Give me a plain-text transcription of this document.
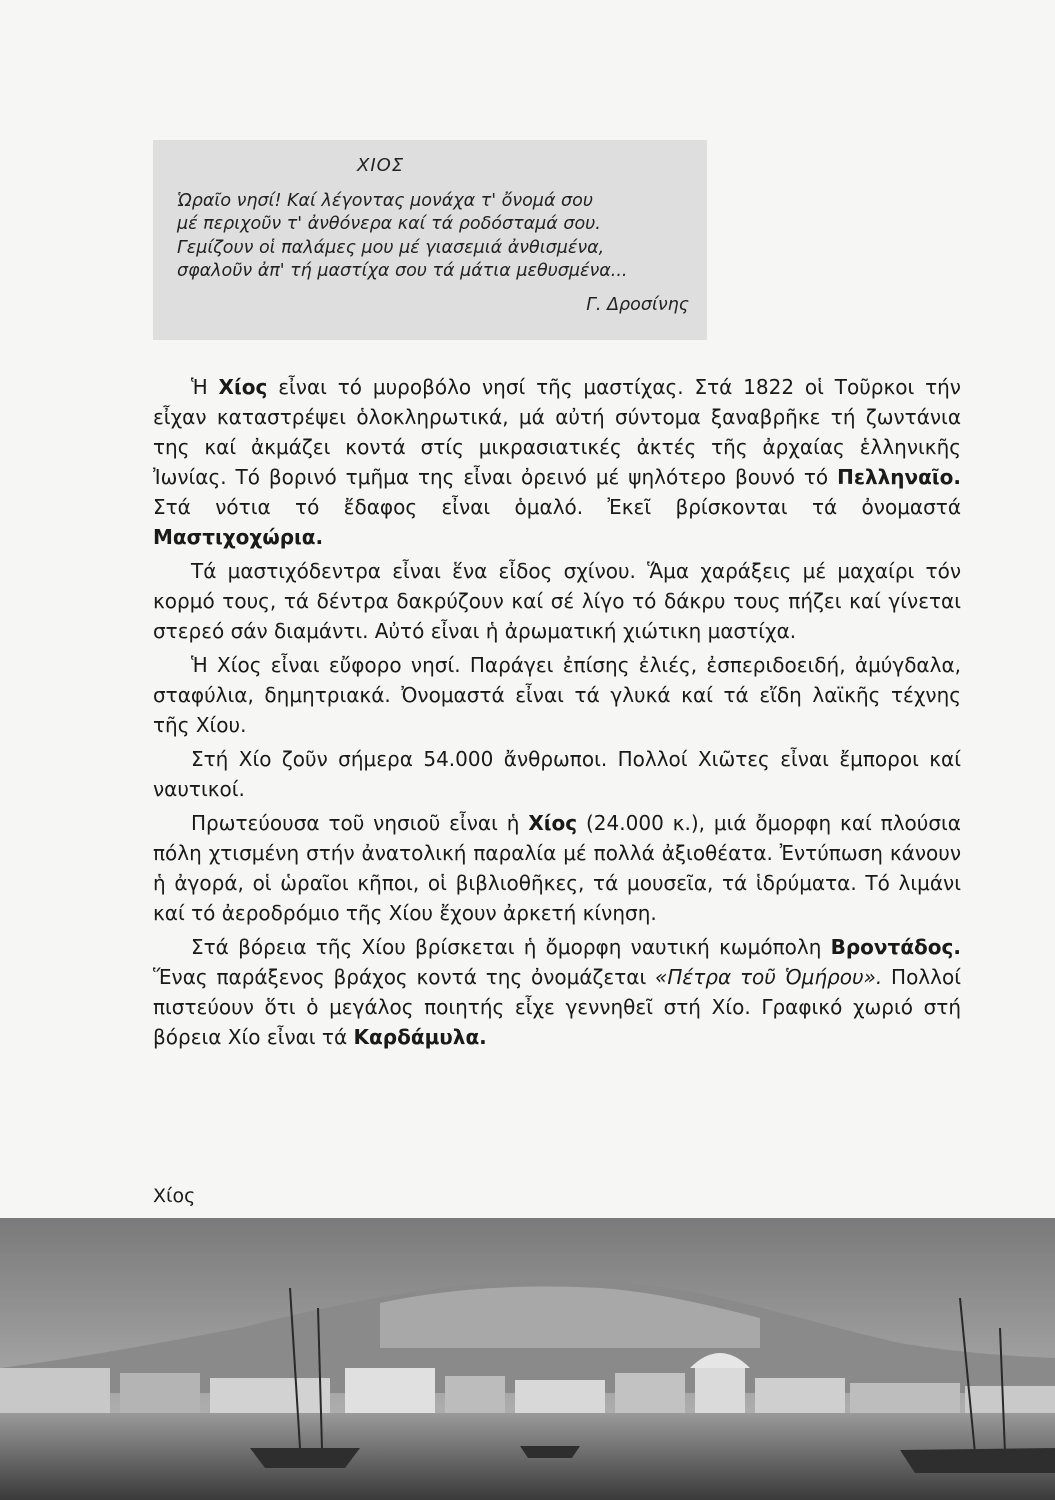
ΧΙΟΣ
Ὡραῖο νησί! Καί λέγοντας μονάχα τ' ὄνομά σου
μέ περιχοῦν τ' ἀνθόνερα καί τά ροδόσταμά σου.
Γεμίζουν οἱ παλάμες μου μέ γιασεμιά ἀνθισμένα,
σφαλοῦν ἀπ' τή μαστίχα σου τά μάτια μεθυσμένα...
Γ. Δροσίνης

Ἡ Χίος εἶναι τό μυροβόλο νησί τῆς μαστίχας. Στά 1822 οἱ Τοῦρκοι τήν εἶχαν καταστρέψει ὁλοκληρωτικά, μά αὐτή σύντομα ξαναβρῆκε τή ζωντάνια της καί ἀκμάζει κοντά στίς μικρασιατικές ἀκτές τῆς ἀρχαίας ἑλληνικῆς Ἰωνίας. Τό βορινό τμῆμα της εἶναι ὀρεινό μέ ψηλότερο βουνό τό Πελληναῖο. Στά νότια τό ἔδαφος εἶναι ὁμαλό. Ἐκεῖ βρίσκονται τά ὀνομαστά Μαστιχοχώρια.

Τά μαστιχόδεντρα εἶναι ἕνα εἶδος σχίνου. Ἅμα χαράξεις μέ μαχαίρι τόν κορμό τους, τά δέντρα δακρύζουν καί σέ λίγο τό δάκρυ τους πήζει καί γίνεται στερεό σάν διαμάντι. Αὐτό εἶναι ἡ ἀρωματική χιώτικη μαστίχα.

Ἡ Χίος εἶναι εὔφορο νησί. Παράγει ἐπίσης ἐλιές, ἐσπεριδοειδή, ἀμύγδαλα, σταφύλια, δημητριακά. Ὀνομαστά εἶναι τά γλυκά καί τά εἴδη λαϊκῆς τέχνης τῆς Χίου.

Στή Χίο ζοῦν σήμερα 54.000 ἄνθρωποι. Πολλοί Χιῶτες εἶναι ἔμποροι καί ναυτικοί.

Πρωτεύουσα τοῦ νησιοῦ εἶναι ἡ Χίος (24.000 κ.), μιά ὄμορφη καί πλούσια πόλη χτισμένη στήν ἀνατολική παραλία μέ πολλά ἀξιοθέατα. Ἐντύπωση κάνουν ἡ ἀγορά, οἱ ὡραῖοι κῆποι, οἱ βιβλιοθῆκες, τά μουσεῖα, τά ἱδρύματα. Τό λιμάνι καί τό ἀεροδρόμιο τῆς Χίου ἔχουν ἀρκετή κίνηση.

Στά βόρεια τῆς Χίου βρίσκεται ἡ ὄμορφη ναυτική κωμόπολη Βροντάδος. Ἕνας παράξενος βράχος κοντά της ὀνομάζεται «Πέτρα τοῦ Ὁμήρου». Πολλοί πιστεύουν ὅτι ὁ μεγάλος ποιητής εἶχε γεννηθεῖ στή Χίο. Γραφικό χωριό στή βόρεια Χίο εἶναι τά Καρδάμυλα.

Χίος
